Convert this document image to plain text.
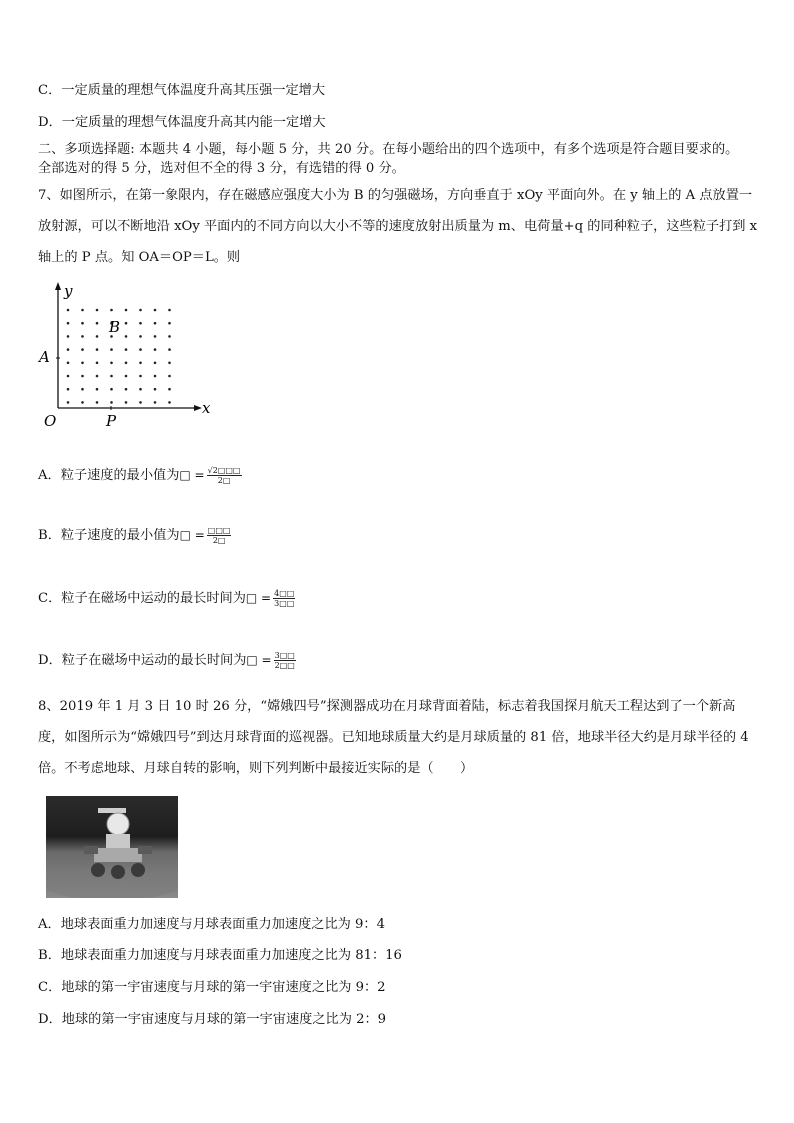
C．一定质量的理想气体温度升高其压强一定增大
D．一定质量的理想气体温度升高其内能一定增大
二、多项选择题: 本题共 4 小题，每小题 5 分，共 20 分。在每小题给出的四个选项中，有多个选项是符合题目要求的。
全部选对的得 5 分，选对但不全的得 3 分，有选错的得 0 分。
7、如图所示，在第一象限内，存在磁感应强度大小为 B 的匀强磁场，方向垂直于 xOy 平面向外。在 y 轴上的 A 点放置一放射源，可以不断地沿 xOy 平面内的不同方向以大小不等的速度放射出质量为 m、电荷量+q 的同种粒子，这些粒子打到 x 轴上的 P 点。知 OA＝OP＝L。则
y
x
O
A
P
B
A．粒子速度的最小值为□ = $\frac{√2□□□}{2□}$
B．粒子速度的最小值为□ = $\frac{□□□}{2□}$
C．粒子在磁场中运动的最长时间为□ = $\frac{4□□}{3□□}$
D．粒子在磁场中运动的最长时间为□ = $\frac{3□□}{2□□}$
8、2019 年 1 月 3 日 10 时 26 分，“嫦娥四号”探测器成功在月球背面着陆，标志着我国探月航天工程达到了一个新高度，如图所示为“嫦娥四号”到达月球背面的巡视器。已知地球质量大约是月球质量的 81 倍，地球半径大约是月球半径的 4 倍。不考虑地球、月球自转的影响，则下列判断中最接近实际的是（　　）
A．地球表面重力加速度与月球表面重力加速度之比为 9：4
B．地球表面重力加速度与月球表面重力加速度之比为 81：16
C．地球的第一宇宙速度与月球的第一宇宙速度之比为 9：2
D．地球的第一宇宙速度与月球的第一宇宙速度之比为 2：9
